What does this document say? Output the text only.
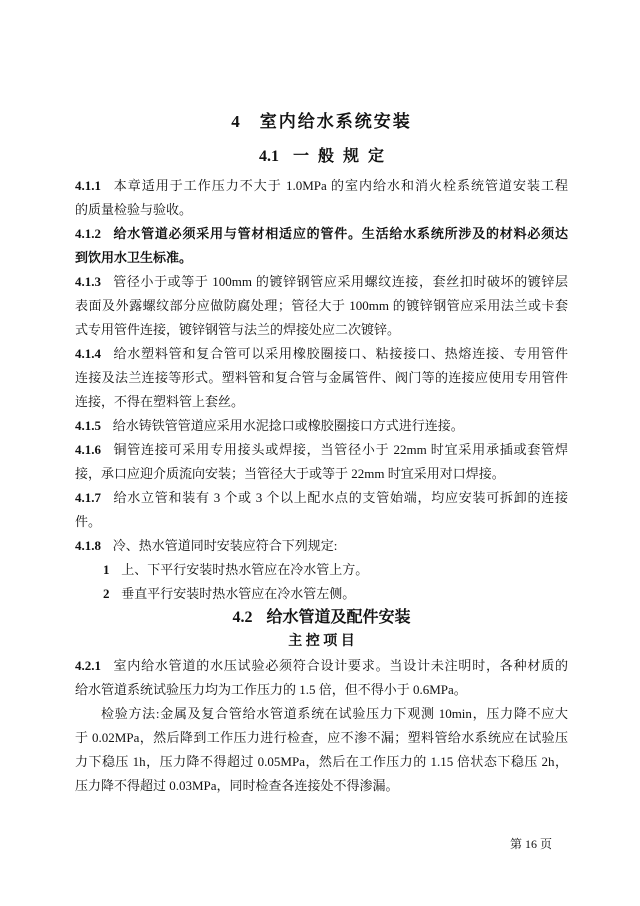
4 室内给水系统安装
4.1 一 般 规 定
4.1.1 本章适用于工作压力不大于 1.0MPa 的室内给水和消火栓系统管道安装工程
的质量检验与验收。
4.1.2 给水管道必须采用与管材相适应的管件。生活给水系统所涉及的材料必须达
到饮用水卫生标准。
4.1.3 管径小于或等于 100mm 的镀锌钢管应采用螺纹连接，套丝扣时破坏的镀锌层
表面及外露螺纹部分应做防腐处理；管径大于 100mm 的镀锌钢管应采用法兰或卡套
式专用管件连接，镀锌钢管与法兰的焊接处应二次镀锌。
4.1.4 给水塑料管和复合管可以采用橡胶圈接口、粘接接口、热熔连接、专用管件
连接及法兰连接等形式。塑料管和复合管与金属管件、阀门等的连接应使用专用管件
连接，不得在塑料管上套丝。
4.1.5 给水铸铁管管道应采用水泥捻口或橡胶圈接口方式进行连接。
4.1.6 铜管连接可采用专用接头或焊接，当管径小于 22mm 时宜采用承插或套管焊
接，承口应迎介质流向安装；当管径大于或等于 22mm 时宜采用对口焊接。
4.1.7 给水立管和装有 3 个或 3 个以上配水点的支管始端，均应安装可拆卸的连接
件。
4.1.8 冷、热水管道同时安装应符合下列规定:
1 上、下平行安装时热水管应在冷水管上方。
2 垂直平行安装时热水管应在冷水管左侧。
4.2 给水管道及配件安装
主 控 项 目
4.2.1 室内给水管道的水压试验必须符合设计要求。当设计未注明时，各种材质的
给水管道系统试验压力均为工作压力的 1.5 倍，但不得小于 0.6MPa。
检验方法:金属及复合管给水管道系统在试验压力下观测 10min，压力降不应大
于 0.02MPa，然后降到工作压力进行检查，应不渗不漏；塑料管给水系统应在试验压
力下稳压 1h，压力降不得超过 0.05MPa，然后在工作压力的 1.15 倍状态下稳压 2h，
压力降不得超过 0.03MPa，同时检查各连接处不得渗漏。
第 16 页
